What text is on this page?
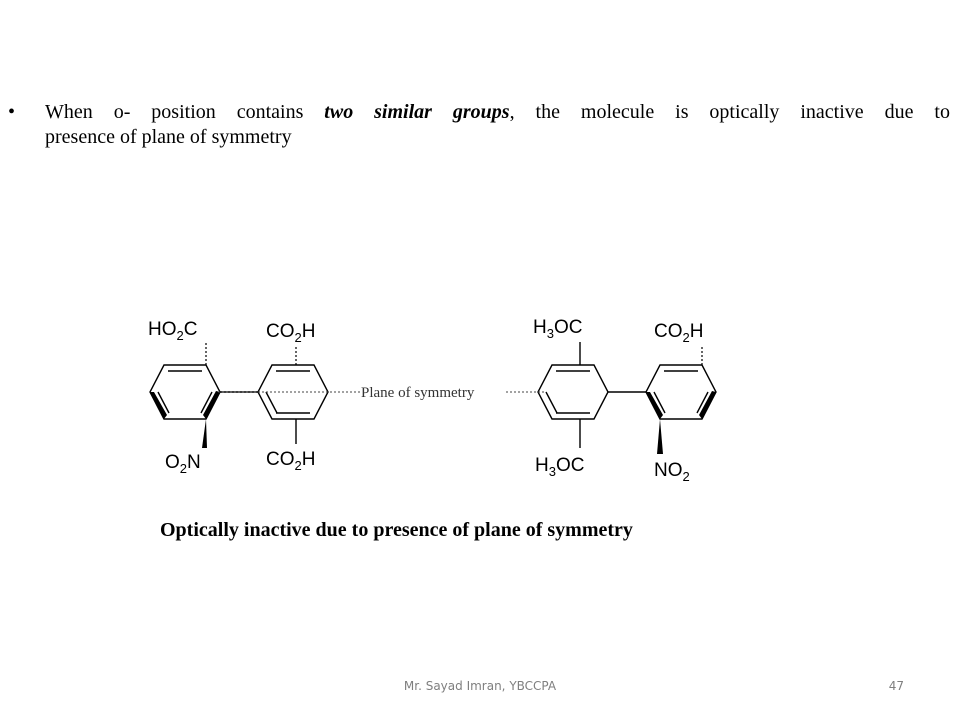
•	When o- position contains two similar groups, the molecule is optically inactive due to
presence of plane of symmetry
$HO_2C$	$CO_2H$
$O_2N$	$CO_2H$
$H_3OC$	$CO_2H$
$H_3OC$	$NO_2$
Plane of symmetry
Optically inactive due to presence of plane of symmetry
Mr. Sayad Imran, YBCCPA	47
